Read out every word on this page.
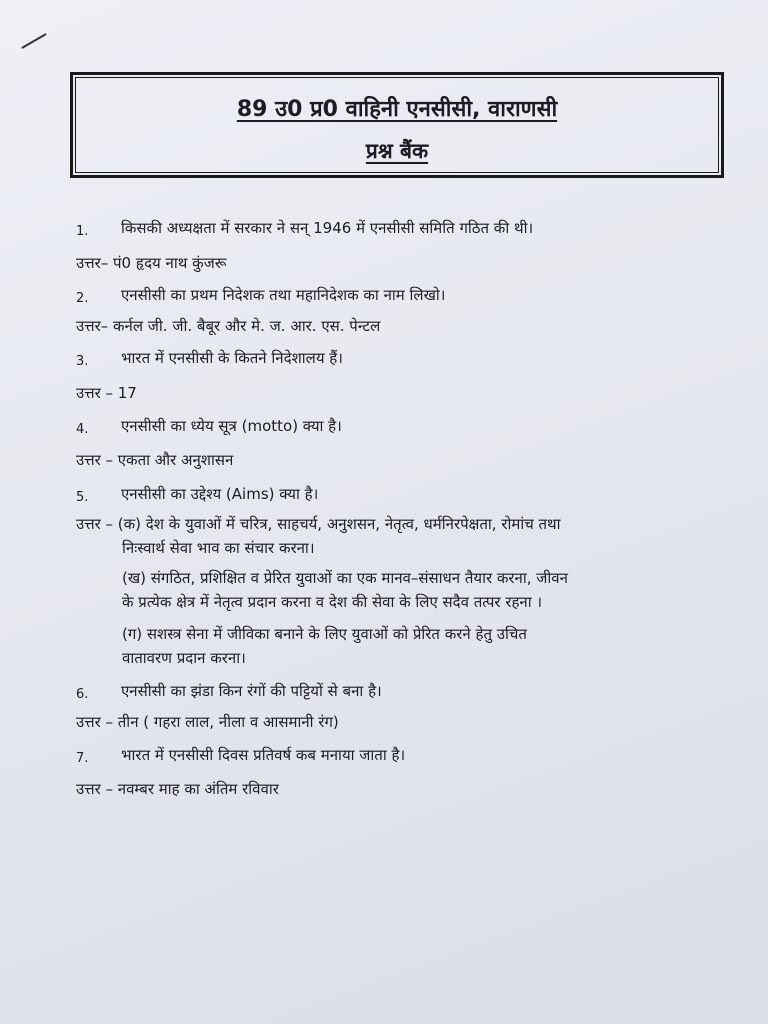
89 उ0 प्र0 वाहिनी एनसीसी, वाराणसी
प्रश्न बैंक
1. किसकी अध्यक्षता में सरकार ने सन् 1946 में एनसीसी समिति गठित की थी।
उत्तर– पं0 हृदय नाथ कुंजरू
2. एनसीसी का प्रथम निदेशक तथा महानिदेशक का नाम लिखो।
उत्तर– कर्नल जी. जी. बैबूर और मे. ज. आर. एस. पेन्टल
3. भारत में एनसीसी के कितने निदेशालय हैं।
उत्तर – 17
4. एनसीसी का ध्येय सूत्र (motto) क्या है।
उत्तर – एकता और अनुशासन
5. एनसीसी का उद्देश्य (Aims) क्या है।
उत्तर – (क) देश के युवाओं में चरित्र, साहचर्य, अनुशसन, नेतृत्व, धर्मनिरपेक्षता, रोमांच तथा
निःस्वार्थ सेवा भाव का संचार करना।
(ख) संगठित, प्रशिक्षित व प्रेरित युवाओं का एक मानव–संसाधन तैयार करना, जीवन
के प्रत्येक क्षेत्र में नेतृत्व प्रदान करना व देश की सेवा के लिए सदैव तत्पर रहना ।
(ग) सशस्त्र सेना में जीविका बनाने के लिए युवाओं को प्रेरित करने हेतु उचित
वातावरण प्रदान करना।
6. एनसीसी का झंडा किन रंगों की पट्टियों से बना है।
उत्तर – तीन ( गहरा लाल, नीला व आसमानी रंग)
7. भारत में एनसीसी दिवस प्रतिवर्ष कब मनाया जाता है।
उत्तर – नवम्बर माह का अंतिम रविवार
